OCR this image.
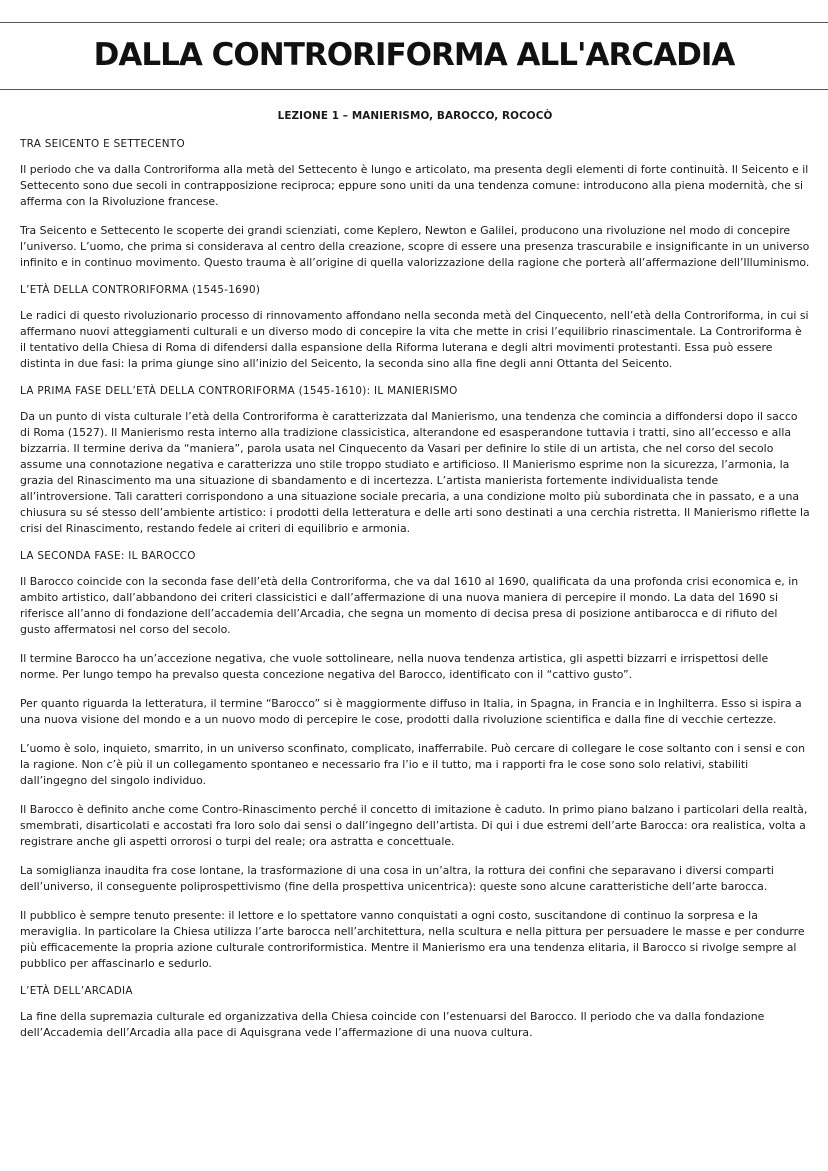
DALLA CONTRORIFORMA ALL'ARCADIA
LEZIONE 1 – MANIERISMO, BAROCCO, ROCOCÒ
TRA SEICENTO E SETTECENTO

Il periodo che va dalla Controriforma alla metà del Settecento è lungo e articolato, ma presenta degli elementi di forte continuità. Il Seicento e il Settecento sono due secoli in contrapposizione reciproca; eppure sono uniti da una tendenza comune: introducono alla piena modernità, che si afferma con la Rivoluzione francese.

Tra Seicento e Settecento le scoperte dei grandi scienziati, come Keplero, Newton e Galilei, producono una rivoluzione nel modo di concepire l’universo. L’uomo, che prima si considerava al centro della creazione, scopre di essere una presenza trascurabile e insignificante in un universo infinito e in continuo movimento. Questo trauma è all’origine di quella valorizzazione della ragione che porterà all’affermazione dell’Illuminismo.

L’ETÀ DELLA CONTRORIFORMA (1545-1690)

Le radici di questo rivoluzionario processo di rinnovamento affondano nella seconda metà del Cinquecento, nell’età della Controriforma, in cui si affermano nuovi atteggiamenti culturali e un diverso modo di concepire la vita che mette in crisi l’equilibrio rinascimentale. La Controriforma è il tentativo della Chiesa di Roma di difendersi dalla espansione della Riforma luterana e degli altri movimenti protestanti. Essa può essere distinta in due fasi: la prima giunge sino all’inizio del Seicento, la seconda sino alla fine degli anni Ottanta del Seicento.

LA PRIMA FASE DELL’ETÀ DELLA CONTRORIFORMA (1545-1610): IL MANIERISMO

Da un punto di vista culturale l’età della Controriforma è caratterizzata dal Manierismo, una tendenza che comincia a diffondersi dopo il sacco di Roma (1527). Il Manierismo resta interno alla tradizione classicistica, alterandone ed esasperandone tuttavia i tratti, sino all’eccesso e alla bizzarria. Il termine deriva da “maniera”, parola usata nel Cinquecento da Vasari per definire lo stile di un artista, che nel corso del secolo assume una connotazione negativa e caratterizza uno stile troppo studiato e artificioso. Il Manierismo esprime non la sicurezza, l’armonia, la grazia del Rinascimento ma una situazione di sbandamento e di incertezza. L’artista manierista fortemente individualista tende all’introversione. Tali caratteri corrispondono a una situazione sociale precaria, a una condizione molto più subordinata che in passato, e a una chiusura su sé stesso dell’ambiente artistico: i prodotti della letteratura e delle arti sono destinati a una cerchia ristretta. Il Manierismo riflette la crisi del Rinascimento, restando fedele ai criteri di equilibrio e armonia.

LA SECONDA FASE: IL BAROCCO

Il Barocco coincide con la seconda fase dell’età della Controriforma, che va dal 1610 al 1690, qualificata da una profonda crisi economica e, in ambito artistico, dall’abbandono dei criteri classicistici e dall’affermazione di una nuova maniera di percepire il mondo. La data del 1690 si riferisce all’anno di fondazione dell’accademia dell’Arcadia, che segna un momento di decisa presa di posizione antibarocca e di rifiuto del gusto affermatosi nel corso del secolo.

Il termine Barocco ha un’accezione negativa, che vuole sottolineare, nella nuova tendenza artistica, gli aspetti bizzarri e irrispettosi delle norme. Per lungo tempo ha prevalso questa concezione negativa del Barocco, identificato con il “cattivo gusto”.

Per quanto riguarda la letteratura, il termine “Barocco” si è maggiormente diffuso in Italia, in Spagna, in Francia e in Inghilterra. Esso si ispira a una nuova visione del mondo e a un nuovo modo di percepire le cose, prodotti dalla rivoluzione scientifica e dalla fine di vecchie certezze.

L’uomo è solo, inquieto, smarrito, in un universo sconfinato, complicato, inafferrabile. Può cercare di collegare le cose soltanto con i sensi e con la ragione. Non c’è più il un collegamento spontaneo e necessario fra l’io e il tutto, ma i rapporti fra le cose sono solo relativi, stabiliti dall’ingegno del singolo individuo.

Il Barocco è definito anche come Contro-Rinascimento perché il concetto di imitazione è caduto. In primo piano balzano i particolari della realtà, smembrati, disarticolati e accostati fra loro solo dai sensi o dall’ingegno dell’artista. Di qui i due estremi dell’arte Barocca: ora realistica, volta a registrare anche gli aspetti orrorosi o turpi del reale; ora astratta e concettuale.

La somiglianza inaudita fra cose lontane, la trasformazione di una cosa in un’altra, la rottura dei confini che separavano i diversi comparti dell’universo, il conseguente poliprospettivismo (fine della prospettiva unicentrica): queste sono alcune caratteristiche dell’arte barocca.

Il pubblico è sempre tenuto presente: il lettore e lo spettatore vanno conquistati a ogni costo, suscitandone di continuo la sorpresa e la meraviglia. In particolare la Chiesa utilizza l’arte barocca nell’architettura, nella scultura e nella pittura per persuadere le masse e per condurre più efficacemente la propria azione culturale controriformistica. Mentre il Manierismo era una tendenza elitaria, il Barocco si rivolge sempre al pubblico per affascinarlo e sedurlo.

L’ETÀ DELL’ARCADIA

La fine della supremazia culturale ed organizzativa della Chiesa coincide con l’estenuarsi del Barocco. Il periodo che va dalla fondazione dell’Accademia dell’Arcadia alla pace di Aquisgrana vede l’affermazione di una nuova cultura.
